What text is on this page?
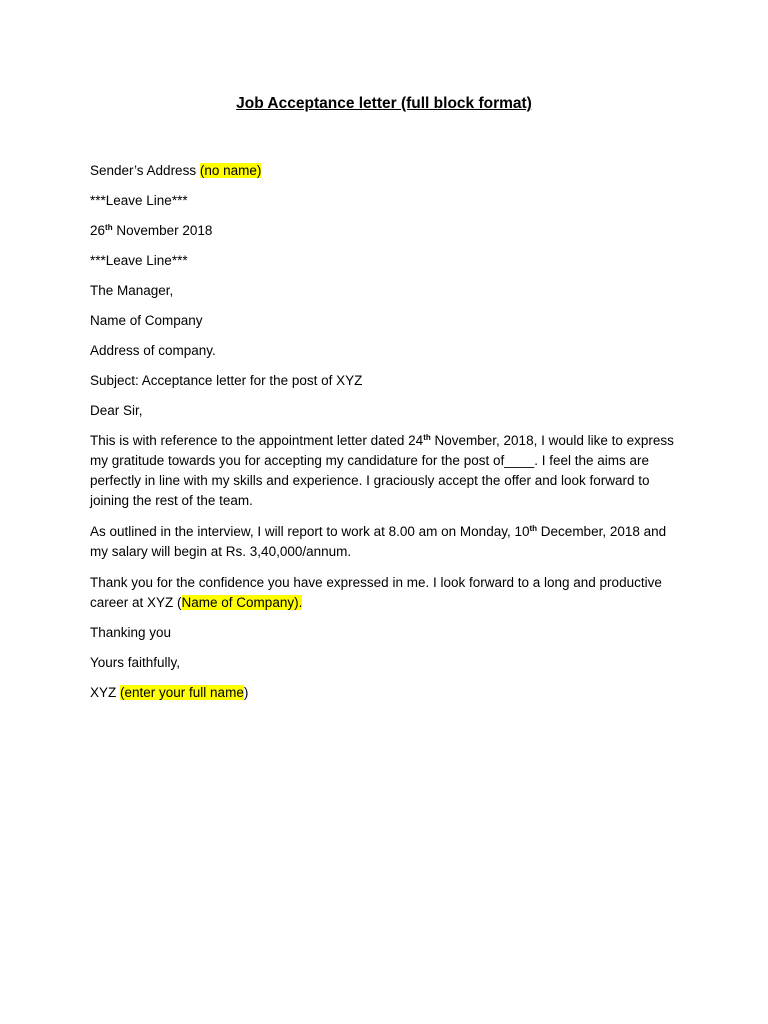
Job Acceptance letter (full block format)

Sender’s Address (no name)

***Leave Line***

26th November 2018

***Leave Line***

The Manager,

Name of Company

Address of company.

Subject: Acceptance letter for the post of XYZ

Dear Sir,

This is with reference to the appointment letter dated 24th November, 2018, I would like to express my gratitude towards you for accepting my candidature for the post of____. I feel the aims are perfectly in line with my skills and experience. I graciously accept the offer and look forward to joining the rest of the team.

As outlined in the interview, I will report to work at 8.00 am on Monday, 10th December, 2018 and my salary will begin at Rs. 3,40,000/annum.

Thank you for the confidence you have expressed in me. I look forward to a long and productive career at XYZ (Name of Company).

Thanking you

Yours faithfully,

XYZ (enter your full name)
